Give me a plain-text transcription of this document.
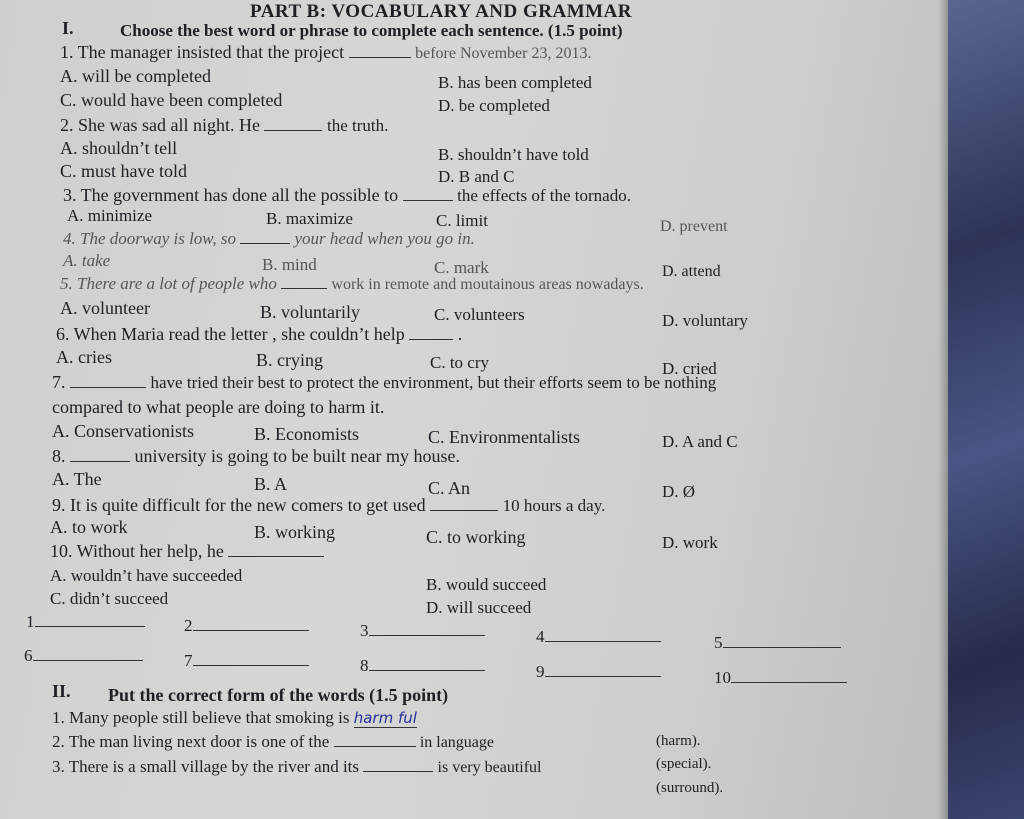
PART B: VOCABULARY AND GRAMMAR
I.	Choose the best word or phrase to complete each sentence. (1.5 point)
1. The manager insisted that the project	before November 23, 2013.
A. will be completed	B. has been completed
C. would have been completed	D. be completed
2. She was sad all night. He	the truth.
A. shouldn’t tell	B. shouldn’t have told
C. must have told	D. B and C
3. The government has done all the possible to	the effects of the tornado.
A. minimize	B. maximize	C. limit	D. prevent
4. The doorway is low, so	your head when you go in.
A. take	B. mind	C. mark	D. attend
5. There are a lot of people who	work in remote and moutainous areas nowadays.
A. volunteer	B. voluntarily	C. volunteers	D. voluntary
6. When Maria read the letter , she couldn’t help	.
A. cries	B. crying	C. to cry	D. cried
7.	have tried their best to protect the environment, but their efforts seem to be nothing
compared to what people are doing to harm it.
A. Conservationists	B. Economists	C. Environmentalists	D. A and C
8.	university is going to be built near my house.
A. The	B. A	C. An	D. Ø
9. It is quite difficult for the new comers to get used	10 hours a day.
A. to work	B. working	C. to working	D. work
10. Without her help, he
A. wouldn’t have succeeded	B. would succeed
C. didn’t succeed	D. will succeed
1	2	3	4	5
6	7	8	9	10
II. Put the correct form of the words (1.5 point)
1. Many people still believe that smoking is harm ful
(harm).
2. The man living next door is one of the	in language
(special).
3. There is a small village by the river and its	is very beautiful
(surround).
